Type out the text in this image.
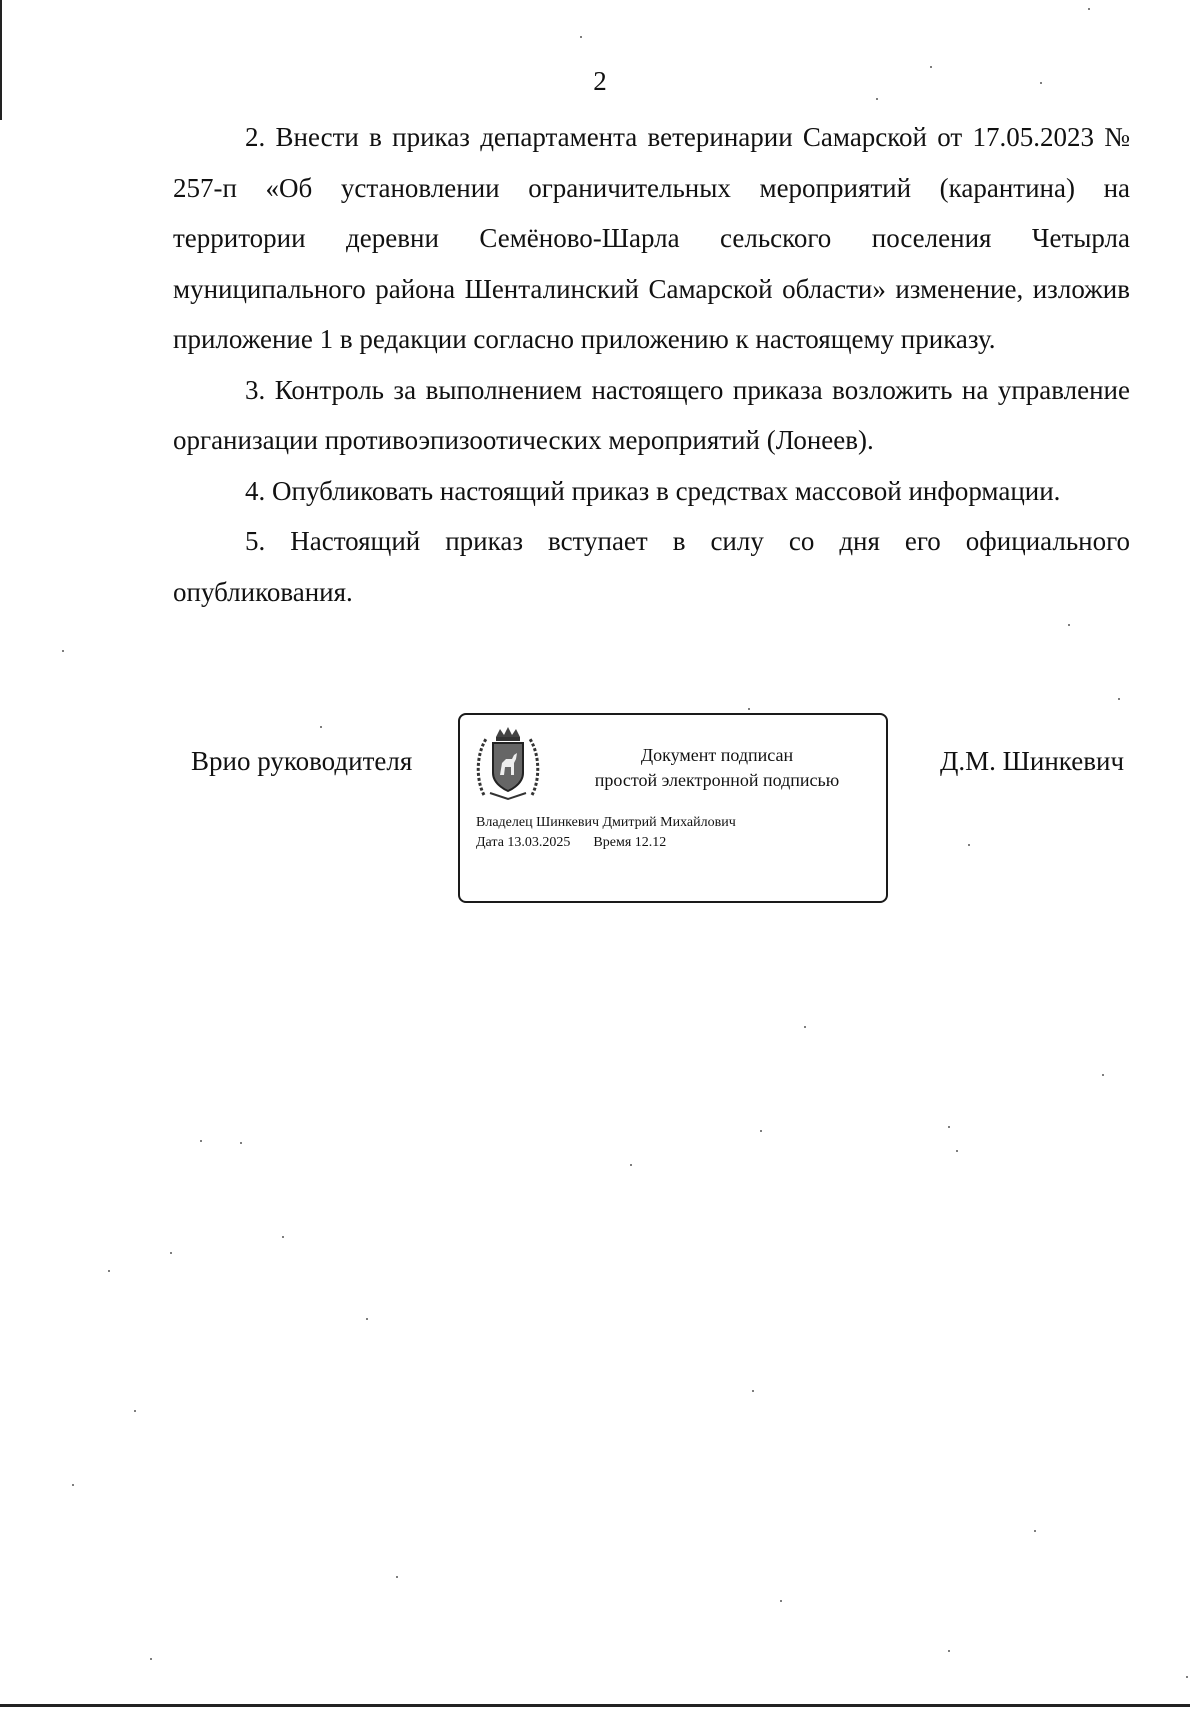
2

2. Внести в приказ департамента ветеринарии Самарской от 17.05.2023 № 257-п «Об установлении ограничительных мероприятий (карантина) на территории деревни Семёново-Шарла сельского поселения Четырла муниципального района Шенталинский Самарской области» изменение, изложив приложение 1 в редакции согласно приложению к настоящему приказу.

3. Контроль за выполнением настоящего приказа возложить на управление организации противоэпизоотических мероприятий (Лонеев).

4. Опубликовать настоящий приказ в средствах массовой информации.

5. Настоящий приказ вступает в силу со дня его официального опубликования.

Врио руководителя	Д.М. Шинкевич
Документ подписан
простой электронной подписью
Владелец Шинкевич Дмитрий Михайлович
Дата 13.03.2025 Время 12.12
